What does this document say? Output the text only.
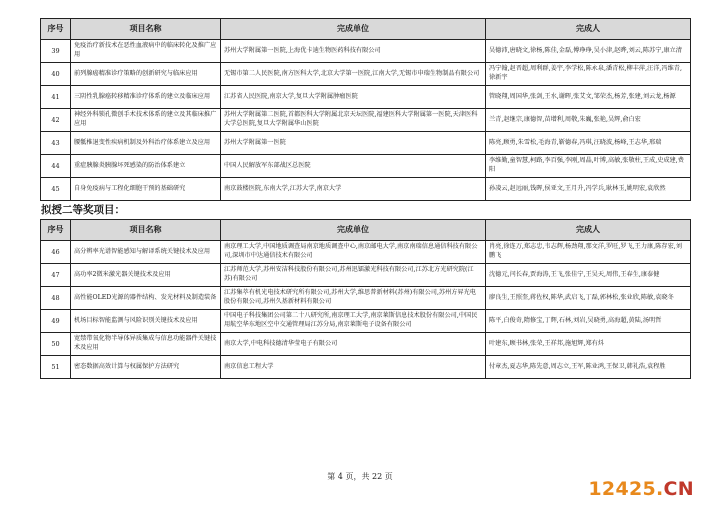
序号	项目名称	完成单位	完成人
39	免疫治疗新技术在恶性血液病中的临床转化及推广应用	苏州大学附属第一医院,上海优卡迪生物医药科技有限公司	吴德沛,唐晓文,徐杨,陈佳,金磊,傅琤琤,吴小津,赵晔,刘云,陈苏宁,康立清
40	前列腺癌精准诊疗策略的创新研究与临床应用	无锡市第二人民医院,南方医科大学,北京大学第一医院,江南大学,无锡市申瑞生物制品有限公司	冯宁翰,赵晋超,周利群,姜宇,李学松,陈永泉,潘青松,柳丰萍,汪洋,冯维青,徐新宇
41	三阴性乳腺癌转移精准诊疗体系的建立及临床应用	江苏省人民医院,南京大学,复旦大学附属肿瘤医院	管晓翔,周国华,张剑,王水,谢晖,张艾文,邹荣杰,杨芳,张建,刘云龙,杨源
42	神经外科锁孔微创手术技术体系的建立及其临床推广应用	苏州大学附属第二医院,首都医科大学附属北京天坛医院,福建医科大学附属第一医院,天津医科大学总医院,复旦大学附属华山医院	兰青,赵继宗,康德智,苗增利,周敬,朱巍,张艳,吴辉,俞白宏
43	腰骶椎退变性疾病机制及外科治疗体系建立及应用	苏州大学附属第一医院	陈亮,顾勇,朱雪松,毛海青,靳德春,冯琪,汪晓波,杨峰,王志华,邢瑞
44	重症胰腺炎胰腺坏死感染的防治体系建立	中国人民解放军东部战区总医院	李维勤,童智慧,柯路,李百强,李刚,周晶,叶博,高敏,张敬柱,王成,史成建,费阳
45	自身免疫病与工程化细胞干预的基础研究	南京鼓楼医院,东南大学,江苏大学,南京大学	孙凌云,赵远丽,钱晖,侯亚文,王月升,冯学兵,耿林玉,姚明宏,袁欣然
拟授二等奖项目：
序号	项目名称	完成单位	完成人
46	高分辨率光谱智能感知与解译系统关键技术及应用	南京理工大学,中国地质调查局南京地质调查中心,南京邮电大学,南京南瑞信息通信科技有限公司,深圳市中达通信技术有限公司	肖亮,徐连万,郑志忠,韦志辉,杨劲翔,那文洋,罗旺,罗飞,王力康,陈存宏,刘鹏飞
47	高功率2微米激光器关键技术及应用	江苏师范大学,苏州安洁科技股份有限公司,苏州迅镭激光科技有限公司,江苏北方光研究院(江苏)有限公司	沈德元,闫长春,贾海涛,王飞,张佳宁,王吴天,周伟,王春生,康泰健
48	高性能OLED光源的器件结构、发光材料及制造装备	江苏集萃有机光电技术研究所有限公司,苏州大学,维思普新材料(苏州)有限公司,苏州方昇光电股份有限公司,苏州久基新材料有限公司	廖良生,王照奎,蒋佐权,陈华,武启飞,丁磊,郭林松,张业欣,陈敏,袁晓冬
49	机场目标智能监测与风险识别关键技术及应用	中国电子科技集团公司第二十八研究所,南京理工大学,南京莱斯信息技术股份有限公司,中国民用航空华东地区空中交通管理局江苏分局,南京莱斯电子设备有限公司	陈平,白俊奇,隋修宝,丁辉,石林,刘岩,吴晓勇,高海超,黄陆,汤明哲
50	宽禁带氧化物半导体异质集成与信息功能器件关键技术及应用	南京大学,中电科技德清华莹电子有限公司	叶建东,顾书林,张荣,王祥邦,施旭辉,郑有炓
51	密态数据高效计算与权属保护方法研究	南京信息工程大学	付章杰,夏志华,陈先意,周志立,王军,陈业鸿,王保卫,韩礼浩,袁程胜
第 4 页，共 22 页
12425.CN
